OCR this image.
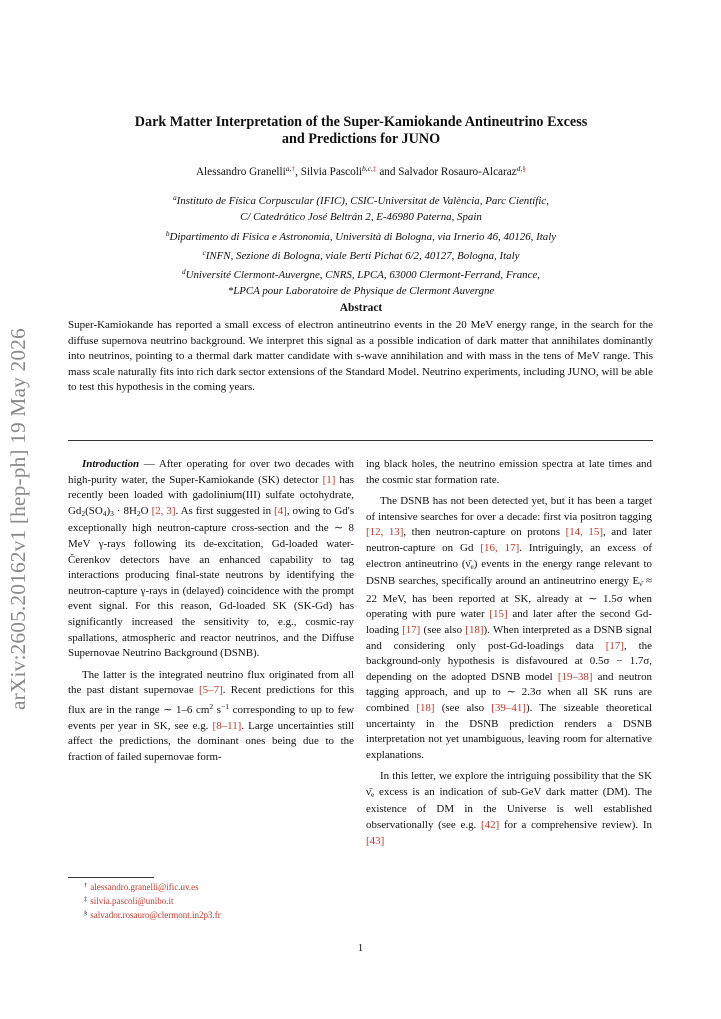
arXiv:2605.20162v1 [hep-ph] 19 May 2026
Dark Matter Interpretation of the Super-Kamiokande Antineutrino Excess
and Predictions for JUNO
Alessandro Granelli$^{a,\dagger}$, Silvia Pascoli$^{b,c,\ddagger}$ and Salvador Rosauro-Alcaraz$^{d,\S}$
$^a$Instituto de Física Corpuscular (IFIC), CSIC-Universitat de València, Parc Científic,
C/ Catedrático José Beltrán 2, E-46980 Paterna, Spain
$^b$Dipartimento di Fisica e Astronomia, Università di Bologna, via Irnerio 46, 40126, Italy
$^c$INFN, Sezione di Bologna, viale Berti Pichat 6/2, 40127, Bologna, Italy
$^d$Université Clermont-Auvergne, CNRS, LPCA, 63000 Clermont-Ferrand, France,
*LPCA pour Laboratoire de Physique de Clermont Auvergne
Abstract
Super-Kamiokande has reported a small excess of electron antineutrino events in the 20 MeV energy range, in the search for the diffuse supernova neutrino background. We interpret this signal as a possible indication of dark matter that annihilates dominantly into neutrinos, pointing to a thermal dark matter candidate with s-wave annihilation and with mass in the tens of MeV range. This mass scale naturally fits into rich dark sector extensions of the Standard Model. Neutrino experiments, including JUNO, will be able to test this hypothesis in the coming years.

Introduction — After operating for over two decades with high-purity water, the Super-Kamiokande (SK) detector [1] has recently been loaded with gadolinium(III) sulfate octohydrate, $Gd_2(SO_4)_3 \cdot 8H_2O$ [2, 3]. As first suggested in [4], owing to Gd's exceptionally high neutron-capture cross-section and the ∼ 8 MeV γ-rays following its de-excitation, Gd-loaded water-Čerenkov detectors have an enhanced capability to tag interactions producing final-state neutrons by identifying the neutron-capture γ-rays in (delayed) coincidence with the prompt event signal. For this reason, Gd-loaded SK (SK-Gd) has significantly increased the sensitivity to, e.g., cosmic-ray spallations, atmospheric and reactor neutrinos, and the Diffuse Supernovae Neutrino Background (DSNB).

The latter is the integrated neutrino flux originated from all the past distant supernovae [5–7]. Recent predictions for this flux are in the range ∼ 1–6 $cm^2$ $s^{-1}$ corresponding to up to few events per year in SK, see e.g. [8–11]. Large uncertainties still affect the predictions, the dominant ones being due to the fraction of failed supernovae form-

ing black holes, the neutrino emission spectra at late times and the cosmic star formation rate.

The DSNB has not been detected yet, but it has been a target of intensive searches for over a decade: first via positron tagging [12, 13], then neutron-capture on protons [14, 15], and later neutron-capture on Gd [16, 17]. Intriguingly, an excess of electron antineutrino $(\nū_e)$ events in the energy range relevant to DSNB searches, specifically around an antineutrino energy $E_{\nū} \approx 22$ MeV, has been reported at SK, already at ∼ 1.5σ when operating with pure water [15] and later after the second Gd-loading [17] (see also [18]). When interpreted as a DSNB signal and considering only post-Gd-loadings data [17], the background-only hypothesis is disfavoured at 0.5σ − 1.7σ, depending on the adopted DSNB model [19–38] and neutron tagging approach, and up to ∼ 2.3σ when all SK runs are combined [18] (see also [39–41]). The sizeable theoretical uncertainty in the DSNB prediction renders a DSNB interpretation not yet unambiguous, leaving room for alternative explanations.

In this letter, we explore the intriguing possibility that the SK $\nū_e$ excess is an indication of sub-GeV dark matter (DM). The existence of DM in the Universe is well established observationally (see e.g. [42] for a comprehensive review). In [43]

† alessandro.granelli@ific.uv.es
‡ silvia.pascoli@unibo.it
§ salvador.rosauro@clermont.in2p3.fr
1
